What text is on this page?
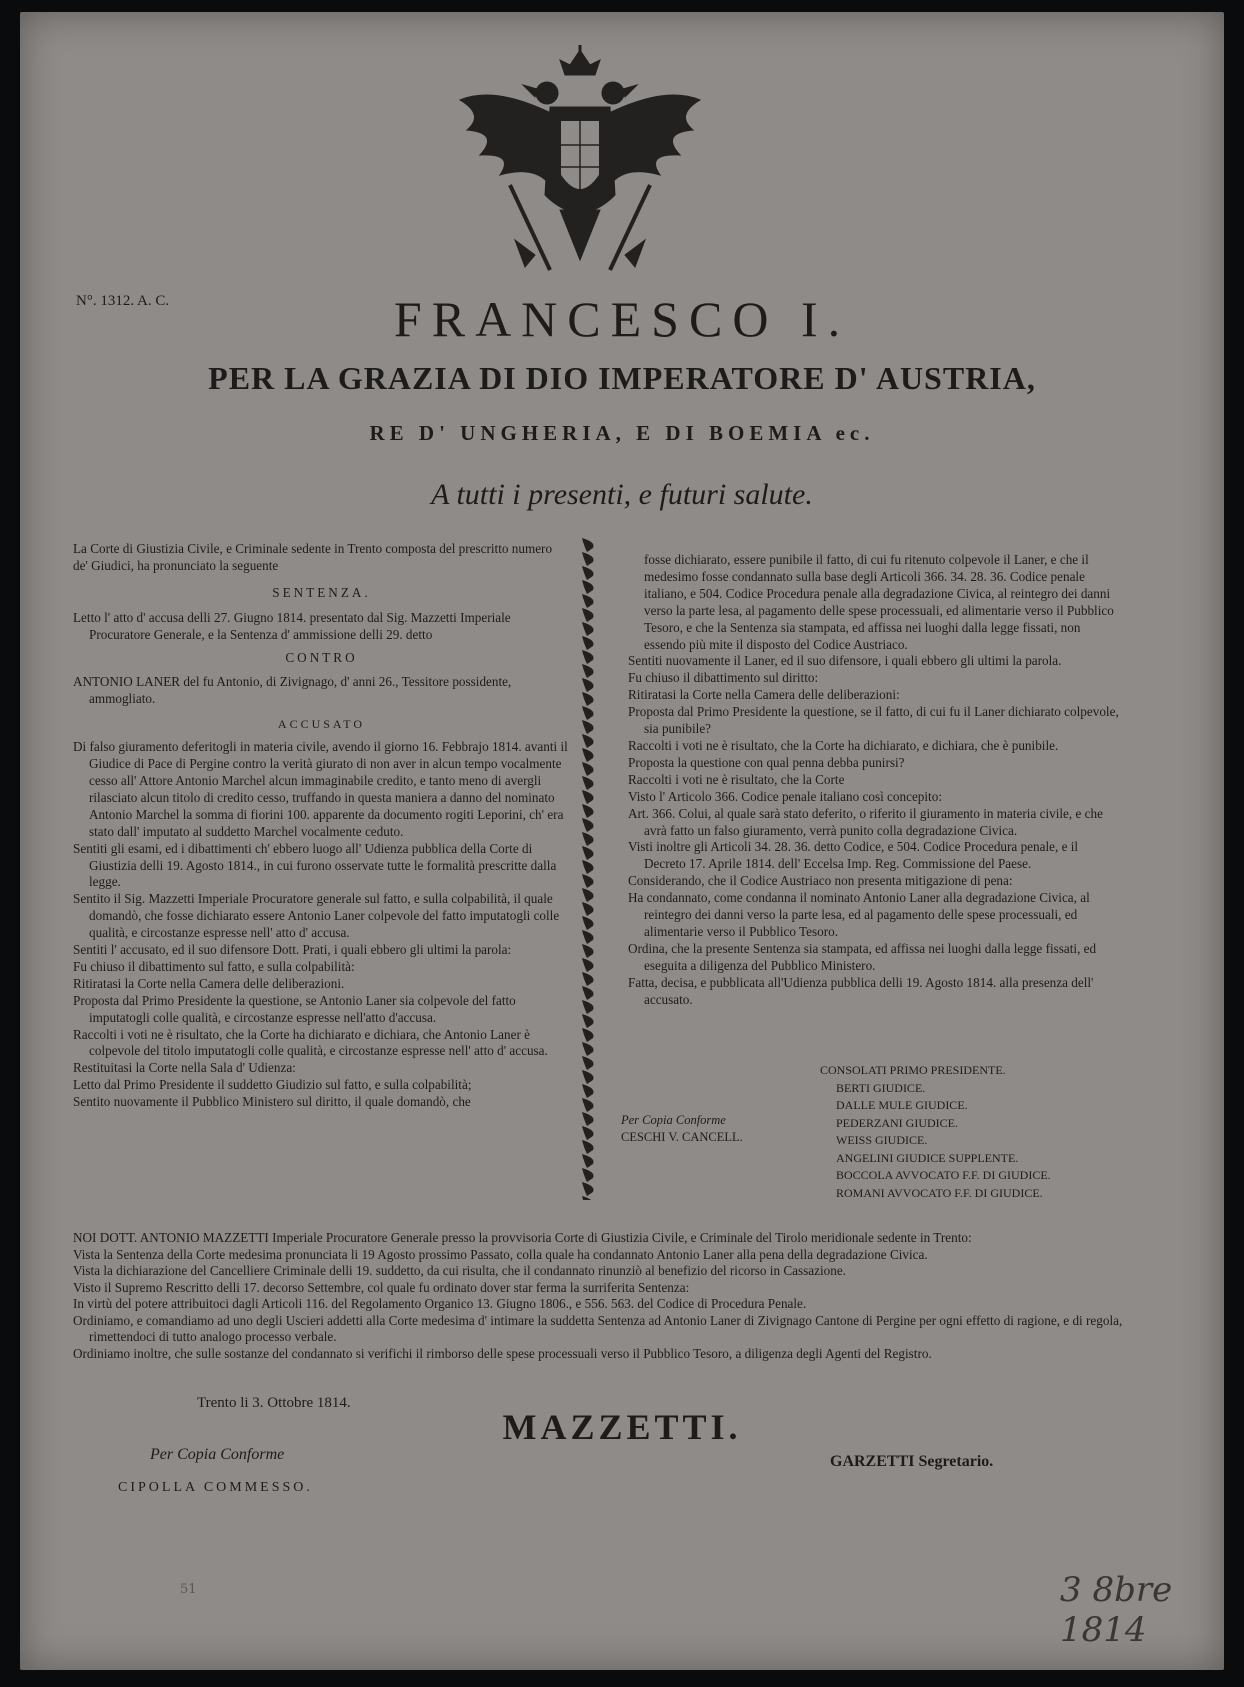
N°. 1312. A. C.	FRANCESCO I.
PER LA GRAZIA DI DIO IMPERATORE D' AUSTRIA,
RE D' UNGHERIA, E DI BOEMIA ec.
A tutti i presenti, e futuri salute.

La Corte di Giustizia Civile, e Criminale sedente in Trento composta del prescritto numero de' Giudici, ha pronunciato la seguente

SENTENZA.

Letto l' atto d' accusa delli 27. Giugno 1814. presentato dal Sig. Mazzetti Imperiale Procuratore Generale, e la Sentenza d' ammissione delli 29. detto

CONTRO

ANTONIO LANER del fu Antonio, di Zivignago, d' anni 26., Tessitore possidente, ammogliato.

ACCUSATO

Di falso giuramento deferitogli in materia civile, avendo il giorno 16. Febbrajo 1814. avanti il Giudice di Pace di Pergine contro la verità giurato di non aver in alcun tempo vocalmente cesso all' Attore Antonio Marchel alcun immaginabile credito, e tanto meno di avergli rilasciato alcun titolo di credito cesso, truffando in questa maniera a danno del nominato Antonio Marchel la somma di fiorini 100. apparente da documento rogiti Leporini, ch' era stato dall' imputato al suddetto Marchel vocalmente ceduto.

Sentiti gli esami, ed i dibattimenti ch' ebbero luogo all' Udienza pubblica della Corte di Giustizia delli 19. Agosto 1814., in cui furono osservate tutte le formalità prescritte dalla legge.

Sentito il Sig. Mazzetti Imperiale Procuratore generale sul fatto, e sulla colpabilità, il quale domandò, che fosse dichiarato essere Antonio Laner colpevole del fatto imputatogli colle qualità, e circostanze espresse nell' atto d' accusa.

Sentiti l' accusato, ed il suo difensore Dott. Prati, i quali ebbero gli ultimi la parola:

Fu chiuso il dibattimento sul fatto, e sulla colpabilità:

Ritiratasi la Corte nella Camera delle deliberazioni.

Proposta dal Primo Presidente la questione, se Antonio Laner sia colpevole del fatto imputatogli colle qualità, e circostanze espresse nell'atto d'accusa.

Raccolti i voti ne è risultato, che la Corte ha dichiarato e dichiara, che Antonio Laner è colpevole del titolo imputatogli colle qualità, e circostanze espresse nell' atto d' accusa.

Restituitasi la Corte nella Sala d' Udienza:

Letto dal Primo Presidente il suddetto Giudizio sul fatto, e sulla colpabilità;

Sentito nuovamente il Pubblico Ministero sul diritto, il quale domandò, che

fosse dichiarato, essere punibile il fatto, di cui fu ritenuto colpevole il Laner, e che il medesimo fosse condannato sulla base degli Articoli 366. 34. 28. 36. Codice penale italiano, e 504. Codice Procedura penale alla degradazione Civica, al reintegro dei danni verso la parte lesa, al pagamento delle spese processuali, ed alimentarie verso il Pubblico Tesoro, e che la Sentenza sia stampata, ed affissa nei luoghi dalla legge fissati, non essendo più mite il disposto del Codice Austriaco.

Sentiti nuovamente il Laner, ed il suo difensore, i quali ebbero gli ultimi la parola.

Fu chiuso il dibattimento sul diritto:

Ritiratasi la Corte nella Camera delle deliberazioni:

Proposta dal Primo Presidente la questione, se il fatto, di cui fu il Laner dichiarato colpevole, sia punibile?

Raccolti i voti ne è risultato, che la Corte ha dichiarato, e dichiara, che è punibile.

Proposta la questione con qual penna debba punirsi?

Raccolti i voti ne è risultato, che la Corte

Visto l' Articolo 366. Codice penale italiano così concepito:

Art. 366. Colui, al quale sarà stato deferito, o riferito il giuramento in materia civile, e che avrà fatto un falso giuramento, verrà punito colla degradazione Civica.

Visti inoltre gli Articoli 34. 28. 36. detto Codice, e 504. Codice Procedura penale, e il Decreto 17. Aprile 1814. dell' Eccelsa Imp. Reg. Commissione del Paese.

Considerando, che il Codice Austriaco non presenta mitigazione di pena:

Ha condannato, come condanna il nominato Antonio Laner alla degradazione Civica, al reintegro dei danni verso la parte lesa, ed al pagamento delle spese processuali, ed alimentarie verso il Pubblico Tesoro.

Ordina, che la presente Sentenza sia stampata, ed affissa nei luoghi dalla legge fissati, ed eseguita a diligenza del Pubblico Ministero.

Fatta, decisa, e pubblicata all'Udienza pubblica delli 19. Agosto 1814. alla presenza dell' accusato.

Per Copia Conforme
CESCHI V. CANCELL.
CONSOLATI PRIMO PRESIDENTE.
BERTI GIUDICE.
DALLE MULE GIUDICE.
PEDERZANI GIUDICE.
WEISS GIUDICE.
ANGELINI GIUDICE SUPPLENTE.
BOCCOLA AVVOCATO F.F. DI GIUDICE.
ROMANI AVVOCATO F.F. DI GIUDICE.

NOI DOTT. ANTONIO MAZZETTI Imperiale Procuratore Generale presso la provvisoria Corte di Giustizia Civile, e Criminale del Tirolo meridionale sedente in Trento:

Vista la Sentenza della Corte medesima pronunciata li 19 Agosto prossimo Passato, colla quale ha condannato Antonio Laner alla pena della degradazione Civica.

Vista la dichiarazione del Cancelliere Criminale delli 19. suddetto, da cui risulta, che il condannato rinunziò al benefizio del ricorso in Cassazione.

Visto il Supremo Rescritto delli 17. decorso Settembre, col quale fu ordinato dover star ferma la surriferita Sentenza:

In virtù del potere attribuitoci dagli Articoli 116. del Regolamento Organico 13. Giugno 1806., e 556. 563. del Codice di Procedura Penale.

Ordiniamo, e comandiamo ad uno degli Uscieri addetti alla Corte medesima d' intimare la suddetta Sentenza ad Antonio Laner di Zivignago Cantone di Pergine per ogni effetto di ragione, e di regola, rimettendoci di tutto analogo processo verbale.

Ordiniamo inoltre, che sulle sostanze del condannato si verifichi il rimborso delle spese processuali verso il Pubblico Tesoro, a diligenza degli Agenti del Registro.

Trento li 3. Ottobre 1814.
MAZZETTI.
Per Copia Conforme
CIPOLLA COMMESSO.
GARZETTI Segretario.
51	3 8bre 1814
